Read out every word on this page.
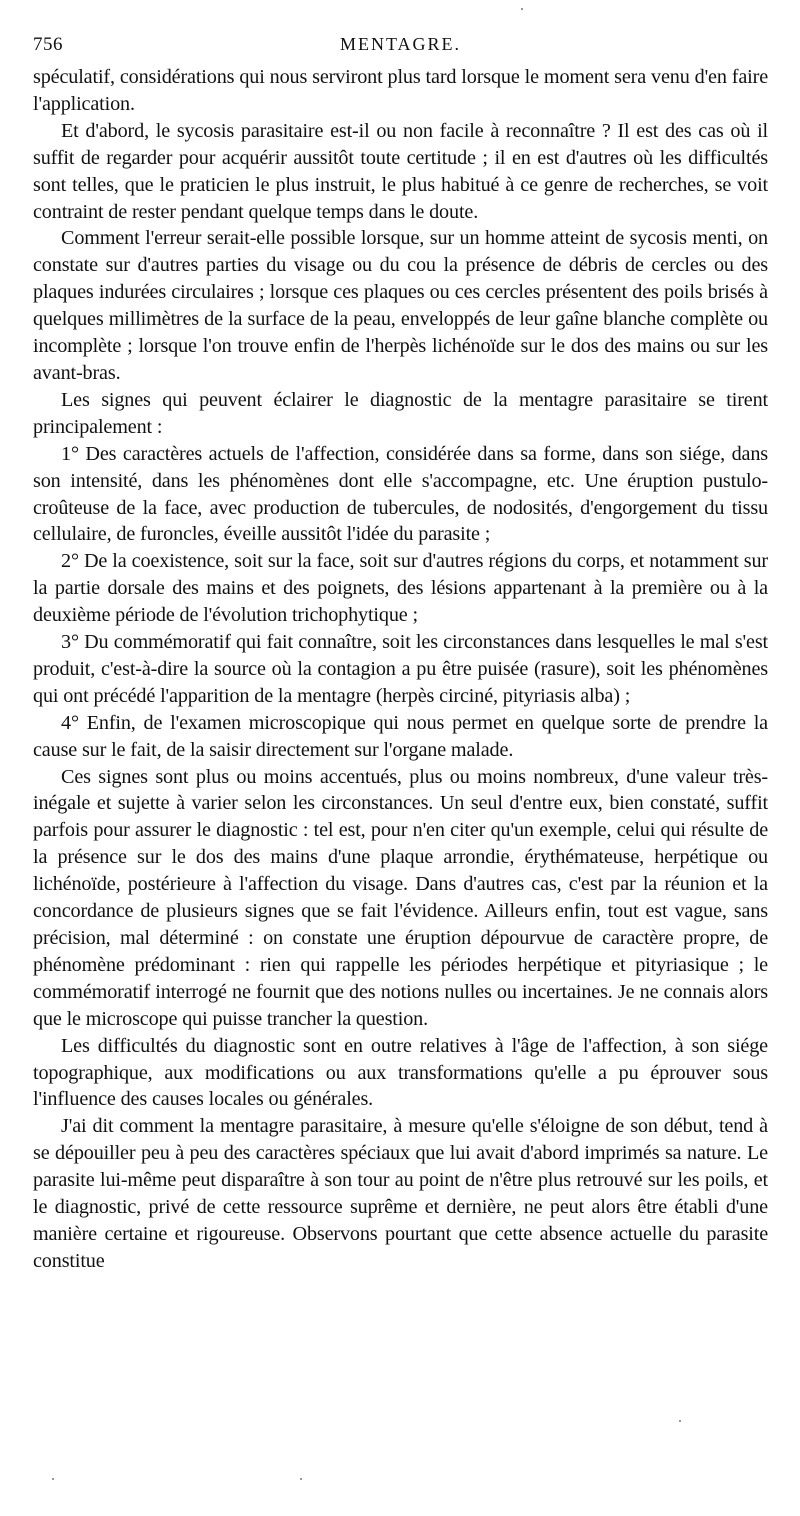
756	MENTAGRE.

spéculatif, considérations qui nous serviront plus tard lorsque le moment sera venu d'en faire l'application.

Et d'abord, le sycosis parasitaire est-il ou non facile à reconnaître ? Il est des cas où il suffit de regarder pour acquérir aussitôt toute certitude ; il en est d'autres où les difficultés sont telles, que le praticien le plus instruit, le plus habitué à ce genre de recherches, se voit contraint de rester pendant quelque temps dans le doute.

Comment l'erreur serait-elle possible lorsque, sur un homme atteint de sycosis menti, on constate sur d'autres parties du visage ou du cou la présence de débris de cercles ou des plaques indurées circulaires ; lorsque ces plaques ou ces cercles présentent des poils brisés à quelques millimètres de la surface de la peau, enveloppés de leur gaîne blanche complète ou incomplète ; lorsque l'on trouve enfin de l'herpès lichénoïde sur le dos des mains ou sur les avant-bras.

Les signes qui peuvent éclairer le diagnostic de la mentagre parasitaire se tirent principalement :

1° Des caractères actuels de l'affection, considérée dans sa forme, dans son siége, dans son intensité, dans les phénomènes dont elle s'accompagne, etc. Une éruption pustulo-croûteuse de la face, avec production de tubercules, de nodosités, d'engorgement du tissu cellulaire, de furoncles, éveille aussitôt l'idée du parasite ;

2° De la coexistence, soit sur la face, soit sur d'autres régions du corps, et notamment sur la partie dorsale des mains et des poignets, des lésions appartenant à la première ou à la deuxième période de l'évolution trichophytique ;

3° Du commémoratif qui fait connaître, soit les circonstances dans lesquelles le mal s'est produit, c'est-à-dire la source où la contagion a pu être puisée (rasure), soit les phénomènes qui ont précédé l'apparition de la mentagre (herpès circiné, pityriasis alba) ;

4° Enfin, de l'examen microscopique qui nous permet en quelque sorte de prendre la cause sur le fait, de la saisir directement sur l'organe malade.

Ces signes sont plus ou moins accentués, plus ou moins nombreux, d'une valeur très-inégale et sujette à varier selon les circonstances. Un seul d'entre eux, bien constaté, suffit parfois pour assurer le diagnostic : tel est, pour n'en citer qu'un exemple, celui qui résulte de la présence sur le dos des mains d'une plaque arrondie, érythémateuse, herpétique ou lichénoïde, postérieure à l'affection du visage. Dans d'autres cas, c'est par la réunion et la concordance de plusieurs signes que se fait l'évidence. Ailleurs enfin, tout est vague, sans précision, mal déterminé : on constate une éruption dépourvue de caractère propre, de phénomène prédominant : rien qui rappelle les périodes herpétique et pityriasique ; le commémoratif interrogé ne fournit que des notions nulles ou incertaines. Je ne connais alors que le microscope qui puisse trancher la question.

Les difficultés du diagnostic sont en outre relatives à l'âge de l'affection, à son siége topographique, aux modifications ou aux transformations qu'elle a pu éprouver sous l'influence des causes locales ou générales.

J'ai dit comment la mentagre parasitaire, à mesure qu'elle s'éloigne de son début, tend à se dépouiller peu à peu des caractères spéciaux que lui avait d'abord imprimés sa nature. Le parasite lui-même peut disparaître à son tour au point de n'être plus retrouvé sur les poils, et le diagnostic, privé de cette ressource suprême et dernière, ne peut alors être établi d'une manière certaine et rigoureuse. Observons pourtant que cette absence actuelle du parasite constitue
